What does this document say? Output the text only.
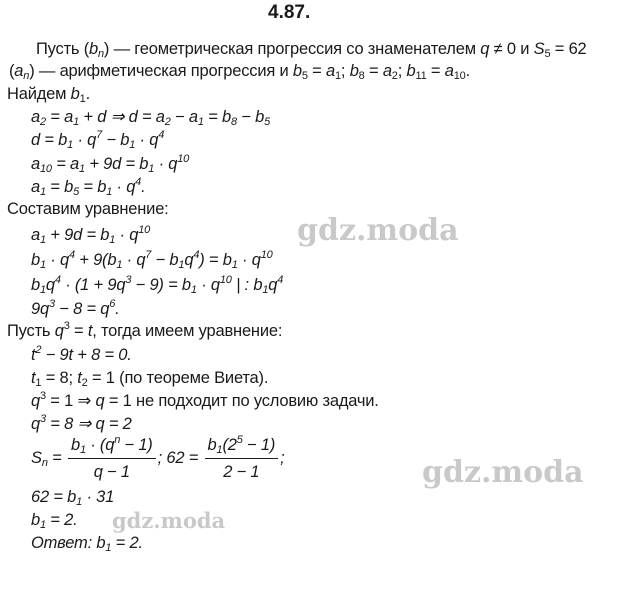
4.87.
Пусть $(b_n)$ — геометрическая прогрессия со знаменателем q ≠ 0 и $S_5 = 62$
$(a_n)$ — арифметическая прогрессия и $b_5 = a_1$; $b_8 = a_2$; $b_{11} = a_{10}$.
Найдем $b_1$.
$a_2 = a_1 + d$ ⇒ $d = a_2 - a_1 = b_8 - b_5$
$d = b_1 \cdot q^7 - b_1 \cdot q^4$
$a_{10} = a_1 + 9d = b_1 \cdot q^{10}$
$a_1 = b_5 = b_1 \cdot q^4$.
Составим уравнение:
$a_1 + 9d = b_1 \cdot q^{10}$
$b_1 \cdot q^4 + 9(b_1 \cdot q^7 - b_1q^4) = b_1 \cdot q^{10}$
$b_1q^4 \cdot (1 + 9q^3 - 9) = b_1 \cdot q^{10}$ | : $b_1q^4$
$9q^3 - 8 = q^6$.
Пусть $q^3 = t$, тогда имеем уравнение:
$t^2 - 9t + 8 = 0$.
$t_1 = 8$; $t_2 = 1$ (по теореме Виета).
$q^3 = 1$ ⇒ q = 1 не подходит по условию задачи.
$q^3 = 8$ ⇒ q = 2
$S_n = \frac{b_1 \cdot (q^n - 1)}{q - 1}$ ; $62 = \frac{b_1(2^5 - 1)}{2 - 1}$ ;
$62 = b_1 \cdot 31$
$b_1 = 2$.
Ответ: $b_1 = 2$.
gdz.moda
gdz.moda
gdz.moda
